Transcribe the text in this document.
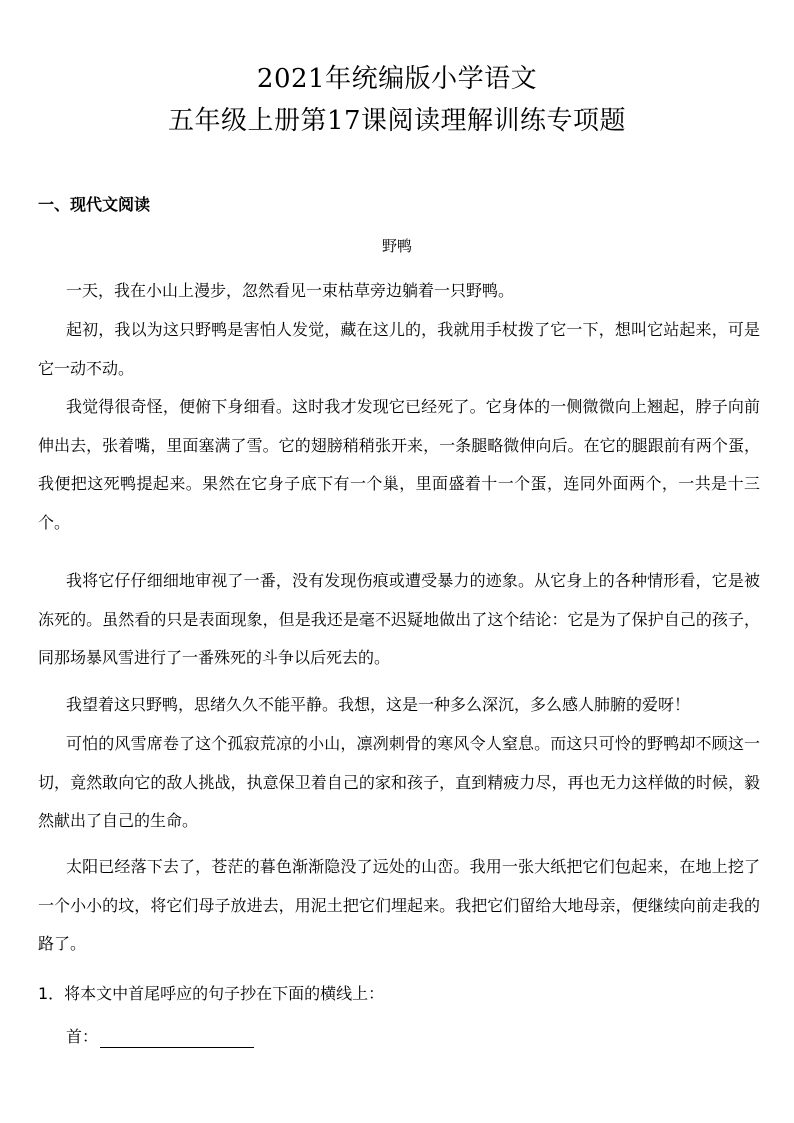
2021年统编版小学语文
五年级上册第17课阅读理解训练专项题
一、现代文阅读
野鸭

一天，我在小山上漫步，忽然看见一束枯草旁边躺着一只野鸭。

起初，我以为这只野鸭是害怕人发觉，藏在这儿的，我就用手杖拨了它一下，想叫它站起来，可是它一动不动。

我觉得很奇怪，便俯下身细看。这时我才发现它已经死了。它身体的一侧微微向上翘起，脖子向前伸出去，张着嘴，里面塞满了雪。它的翅膀稍稍张开来，一条腿略微伸向后。在它的腿跟前有两个蛋，我便把这死鸭提起来。果然在它身子底下有一个巢，里面盛着十一个蛋，连同外面两个，一共是十三个。

我将它仔仔细细地审视了一番，没有发现伤痕或遭受暴力的迹象。从它身上的各种情形看，它是被冻死的。虽然看的只是表面现象，但是我还是毫不迟疑地做出了这个结论：它是为了保护自己的孩子，同那场暴风雪进行了一番殊死的斗争以后死去的。

我望着这只野鸭，思绪久久不能平静。我想，这是一种多么深沉，多么感人肺腑的爱呀！

可怕的风雪席卷了这个孤寂荒凉的小山，凛冽刺骨的寒风令人窒息。而这只可怜的野鸭却不顾这一切，竟然敢向它的敌人挑战，执意保卫着自己的家和孩子，直到精疲力尽，再也无力这样做的时候，毅然献出了自己的生命。

太阳已经落下去了，苍茫的暮色渐渐隐没了远处的山峦。我用一张大纸把它们包起来，在地上挖了一个小小的坟，将它们母子放进去，用泥土把它们埋起来。我把它们留给大地母亲，便继续向前走我的路了。

1．将本文中首尾呼应的句子抄在下面的横线上：
首：
